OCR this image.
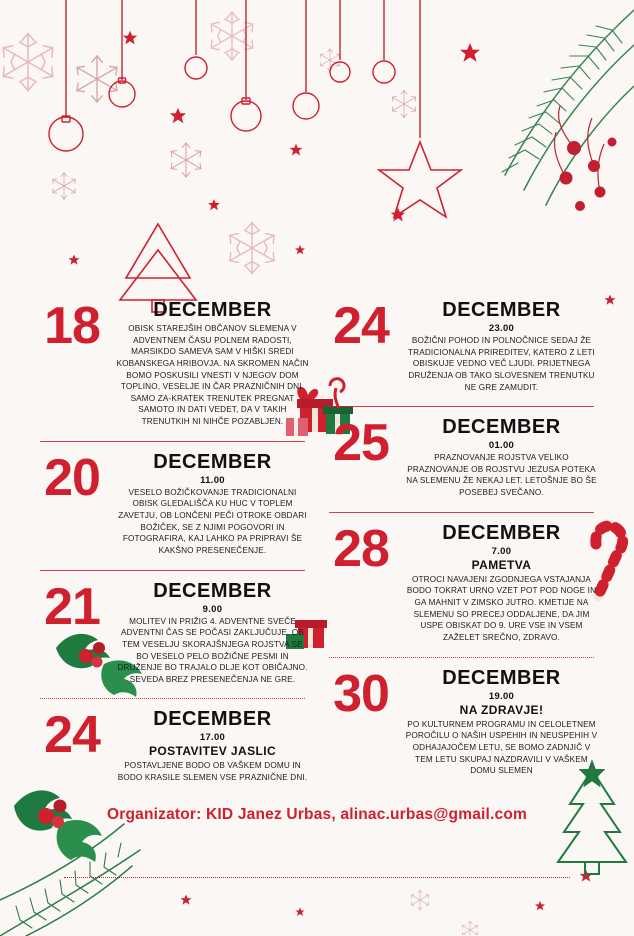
18	DECEMBER
OBISK STAREJŠIH OBČANOV SLEMENA V ADVENTNEM ČASU POLNEM RADOSTI, MARSIKDO SAMEVA SAM V HIŠKI SREDI KOBANSKEGA HRIBOVJA. NA SKROMEN NAČIN BOMO POSKUSILI VNESTI V NJEGOV DOM TOPLINO, VESELJE IN ČAR PRAZNIČNIH DNI. SAMO ZA-KRATEK TRENUTEK PREGNAT SAMOTO IN DATI VEDET, DA V TAKIH TRENUTKIH NI NIHČE POZABLJEN.
20	DECEMBER
11.00
VESELO BOŽIČKOVANJE TRADICIONALNI OBISK GLEDALIŠČA KU HUC V TOPLEM ZAVETJU, OB LONČENI PEČI OTROKE OBDARI BOŽIČEK, SE Z NJIMI POGOVORI IN FOTOGRAFIRA, KAJ LAHKO PA PRIPRAVI ŠE KAKŠNO PRESENEČENJE.
21	DECEMBER
9.00
MOLITEV IN PRIŽIG 4. ADVENTNE SVEČE ADVENTNI ČAS SE POČASI ZAKLJUČUJE. OB TEM VESELJU SKORAJŠNJEGA ROJSTVA SE BO VESELO PELO BOŽIČNE PESMI IN DRUŽENJE BO TRAJALO DLJE KOT OBIČAJNO. SEVEDA BREZ PRESENEČENJA NE GRE.
24	DECEMBER
17.00
POSTAVITEV JASLIC
POSTAVLJENE BODO OB VAŠKEM DOMU IN BODO KRASILE SLEMEN VSE PRAZNIČNE DNI.
24	DECEMBER
23.00
BOŽIČNI POHOD IN POLNOČNICE SEDAJ ŽE TRADICIONALNA PRIREDITEV, KATERO Z LETI OBISKUJE VEDNO VEČ LJUDI. PRIJETNEGA DRUŽENJA OB TAKO SLOVESNEM TRENUTKU NE GRE ZAMUDIT.
25	DECEMBER
01.00
PRAZNOVANJE ROJSTVA VELIKO PRAZNOVANJE OB ROJSTVU JEZUSA POTEKA NA SLEMENU ŽE NEKAJ LET. LETOŠNJE BO ŠE POSEBEJ SVEČANO.
28	DECEMBER
7.00
PAMETVA
OTROCI NAVAJENI ZGODNJEGA VSTAJANJA BODO TOKRAT URNO VZET POT POD NOGE IN GA MAHNIT V ZIMSKO JUTRO. KMETIJE NA SLEMENU SO PRECEJ ODDALJENE, DA JIM USPE OBISKAT DO 9. URE VSE IN VSEM ZAŽELET SREČNO, ZDRAVO.
30	DECEMBER
19.00
NA ZDRAVJE!
PO KULTURNEM PROGRAMU IN CELOLETNEM POROČILU O NAŠIH USPEHIH IN NEUSPEHIH V ODHAJAJOČEM LETU, SE BOMO ZADNJIČ V TEM LETU SKUPAJ NAZDRAVILI V VAŠKEM DOMU SLEMEN
Organizator: KID Janez Urbas, alinac.urbas@gmail.com
